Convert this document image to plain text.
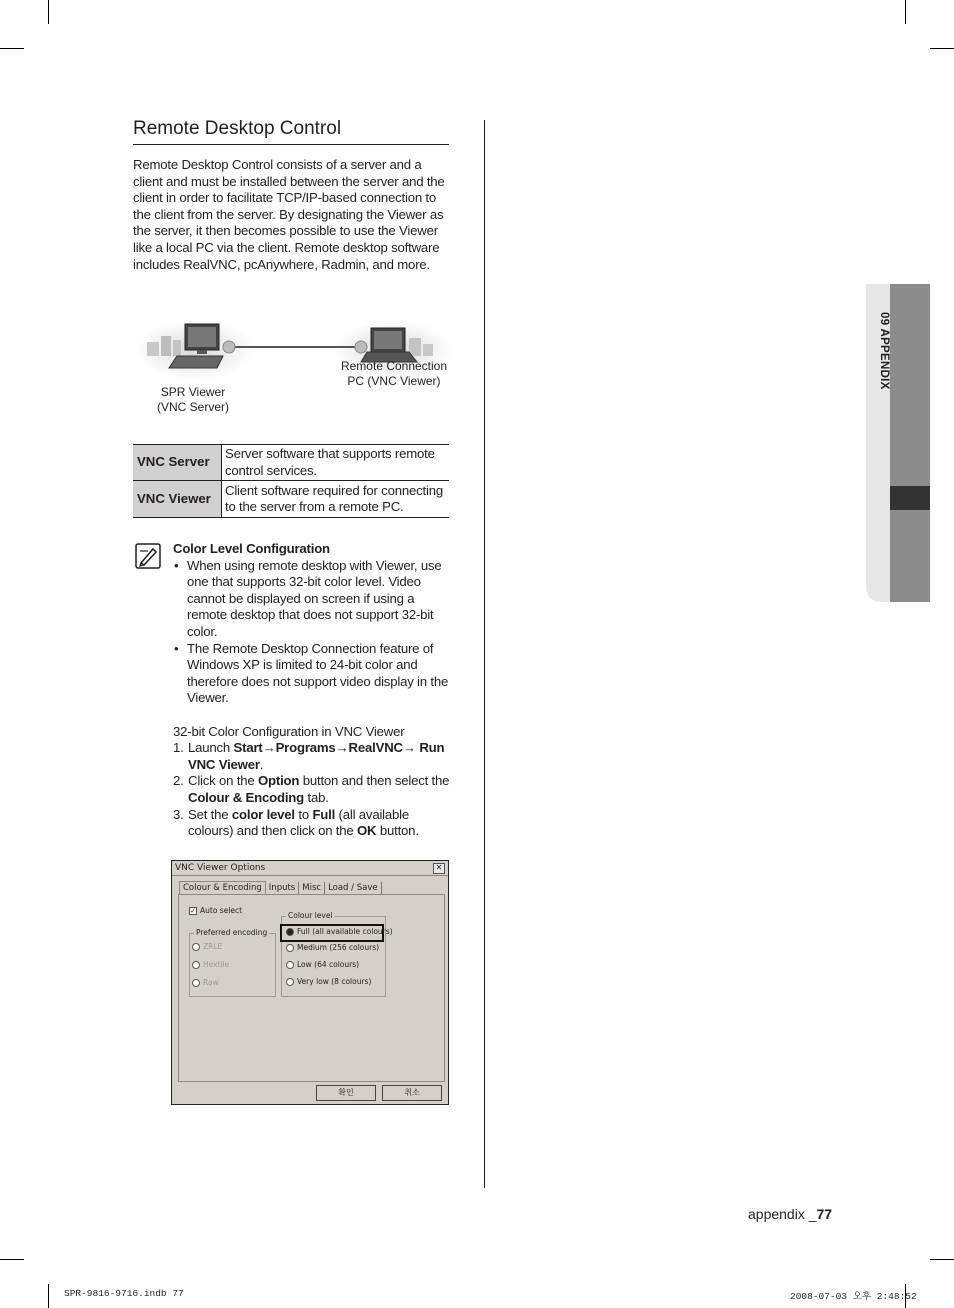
Remote Desktop Control

Remote Desktop Control consists of a server and a client and must be installed between the server and the client in order to facilitate TCP/IP-based connection to the client from the server. By designating the Viewer as the server, it then becomes possible to use the Viewer like a local PC via the client. Remote desktop software includes RealVNC, pcAnywhere, Radmin, and more.

SPR Viewer
(VNC Server)
Remote Connection
PC (VNC Viewer)
VNC Server	Server software that supports remote control services.
VNC Viewer	Client software required for connecting to the server from a remote PC.
Color Level Configuration
• When using remote desktop with Viewer, use one that supports 32-bit color level. Video cannot be displayed on screen if using a remote desktop that does not support 32-bit color.
• The Remote Desktop Connection feature of Windows XP is limited to 24-bit color and therefore does not support video display in the Viewer.
32-bit Color Configuration in VNC Viewer
1. Launch Start→Programs→RealVNC→ Run VNC Viewer.
2. Click on the Option button and then select the Colour & Encoding tab.
3. Set the color level to Full (all available colours) and then click on the OK button.
VNC Viewer Options	✕
Colour & Encoding Inputs Misc Load / Save
✓ Auto select
Preferred encoding
ZRLE
Hextile
Raw
Colour level
Full (all available colours)
Medium (256 colours)
Low (64 colours)
Very low (8 colours)
확인	취소
09 APPENDIX
appendix _77
SPR-9816-9716.indb 77	2008-07-03 오후 2:48:52
